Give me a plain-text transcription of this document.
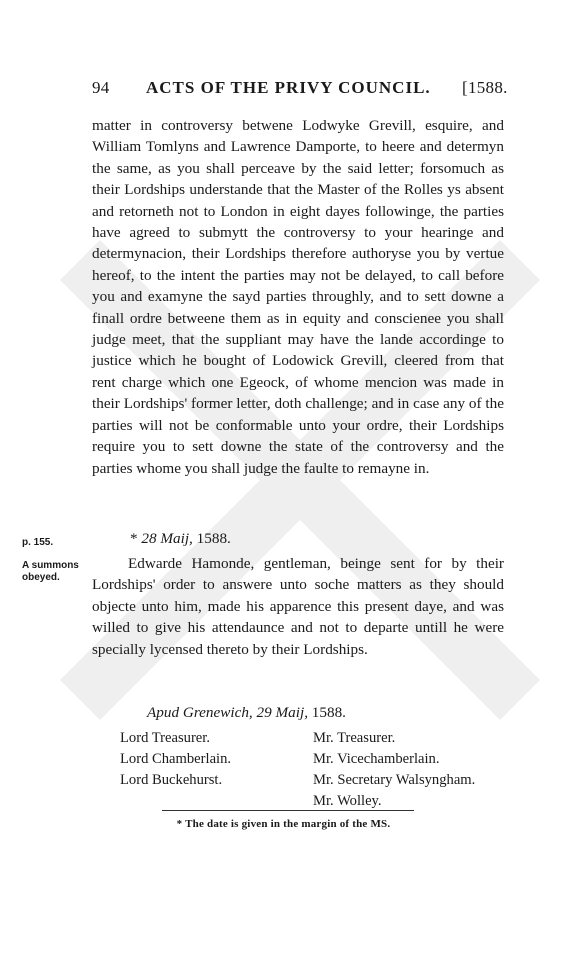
94 ACTS OF THE PRIVY COUNCIL. [1588.
matter in controversy betwene Lodwyke Grevill, esquire, and William Tomlyns and Lawrence Damporte, to heere and determyn the same, as you shall perceave by the said letter; forsomuch as their Lordships understande that the Master of the Rolles ys absent and retorneth not to London in eight dayes followinge, the parties have agreed to submytt the controversy to your hearinge and determynacion, their Lordships therefore authoryse you by vertue hereof, to the intent the parties may not be delayed, to call before you and examyne the sayd parties throughly, and to sett downe a finall ordre betweene them as in equity and conscienee you shall judge meet, that the suppliant may have the lande accordinge to justice which he bought of Lodowick Grevill, cleered from that rent charge which one Egeock, of whome mencion was made in their Lordships' former letter, doth challenge; and in case any of the parties will not be conformable unto your ordre, their Lordships require you to sett downe the state of the controversy and the parties whome you shall judge the faulte to remayne in.
p. 155.
A summons obeyed.
* 28 Maij, 1588.
Edwarde Hamonde, gentleman, beinge sent for by their Lordships' order to answere unto soche matters as they should objecte unto him, made his apparence this present daye, and was willed to give his attendaunce and not to departe untill he were specially lycensed thereto by their Lordships.
Apud Grenewich, 29 Maij, 1588.
Lord Treasurer.
Lord Chamberlain.
Lord Buckehurst.
Mr. Treasurer.
Mr. Vicechamberlain.
Mr. Secretary Walsyngham.
Mr. Wolley.
* The date is given in the margin of the MS.
